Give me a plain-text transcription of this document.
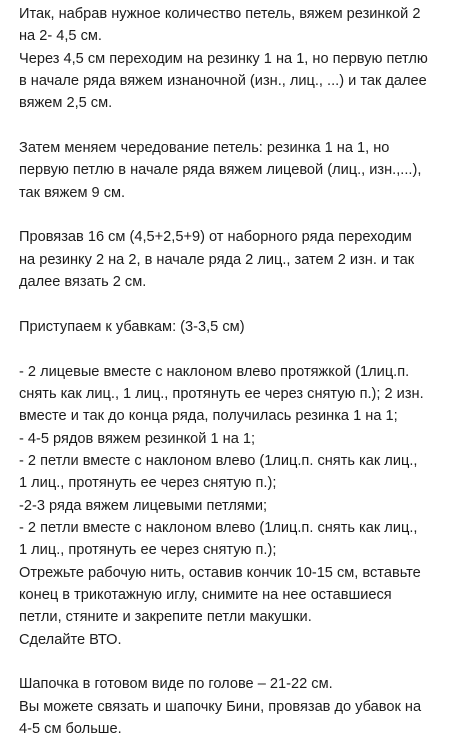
Итак, набрав нужное количество петель, вяжем резинкой 2
на 2- 4,5 см.
Через 4,5 см переходим на резинку 1 на 1, но первую петлю
в начале ряда вяжем изнаночной (изн., лиц., ...) и так далее
вяжем 2,5 см.
Затем меняем чередование петель: резинка 1 на 1, но
первую петлю в начале ряда вяжем лицевой (лиц., изн.,...),
так вяжем 9 см.
Провязав 16 см (4,5+2,5+9) от наборного ряда переходим
на резинку 2 на 2, в начале ряда 2 лиц., затем 2 изн. и так
далее вязать 2 см.
Приступаем к убавкам: (3-3,5 см)
- 2 лицевые вместе с наклоном влево протяжкой (1лиц.п.
снять как лиц., 1 лиц., протянуть ее через снятую п.); 2 изн.
вместе и так до конца ряда, получилась резинка 1 на 1;
- 4-5 рядов вяжем резинкой 1 на 1;
- 2 петли вместе с наклоном влево (1лиц.п. снять как лиц.,
1 лиц., протянуть ее через снятую п.);
-2-3 ряда вяжем лицевыми петлями;
- 2 петли вместе с наклоном влево (1лиц.п. снять как лиц.,
1 лиц., протянуть ее через снятую п.);
Отрежьте рабочую нить, оставив кончик 10-15 см, вставьте
конец в трикотажную иглу, снимите на нее оставшиеся
петли, стяните и закрепите петли макушки.
Сделайте ВТО.
Шапочка в готовом виде по голове – 21-22 см.
Вы можете связать и шапочку Бини, провязав до убавок на
4-5 см больше.
